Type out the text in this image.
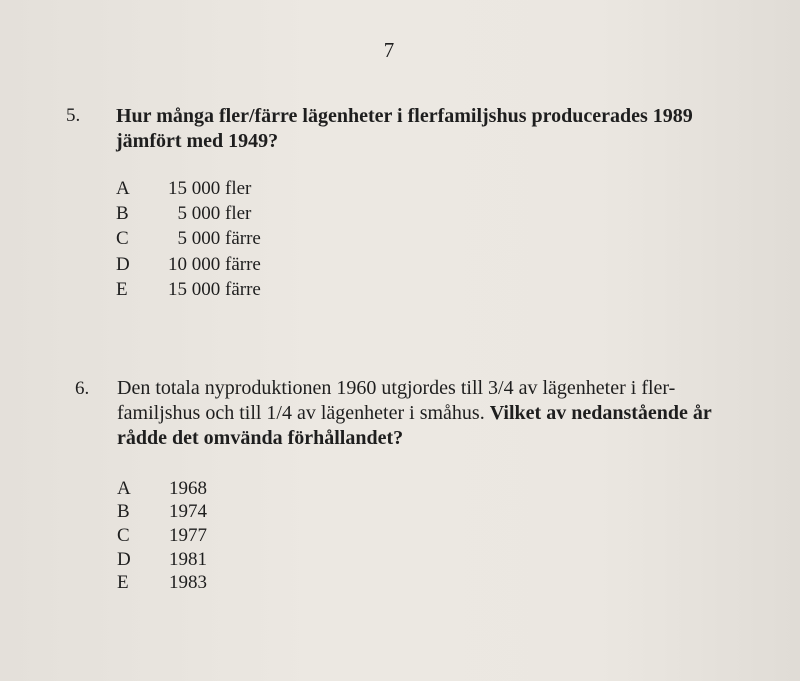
7
5. Hur många fler/färre lägenheter i flerfamiljshus producerades 1989 jämfört med 1949?
A	15 000 fler
B	5 000 fler
C	5 000 färre
D	10 000 färre
E	15 000 färre
6. Den totala nyproduktionen 1960 utgjordes till 3/4 av lägenheter i fler-familjshus och till 1/4 av lägenheter i småhus. Vilket av nedanstående år rådde det omvända förhållandet?
A	1968
B	1974
C	1977
D	1981
E	1983
